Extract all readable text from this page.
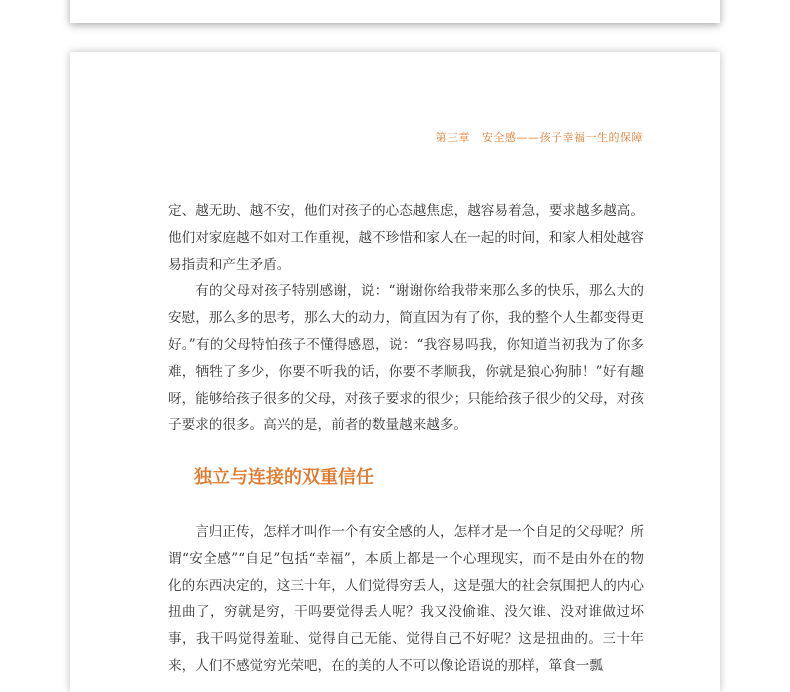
第三章 安全感——孩子幸福一生的保障

定、越无助、越不安，他们对孩子的心态越焦虑，越容易着急，要求越多越高。他们对家庭越不如对工作重视，越不珍惜和家人在一起的时间，和家人相处越容易指责和产生矛盾。

有的父母对孩子特别感谢，说：“谢谢你给我带来那么多的快乐，那么大的安慰，那么多的思考，那么大的动力，简直因为有了你，我的整个人生都变得更好。”有的父母特怕孩子不懂得感恩，说：“我容易吗我，你知道当初我为了你多难，牺牲了多少，你要不听我的话，你要不孝顺我，你就是狼心狗肺！”好有趣呀，能够给孩子很多的父母，对孩子要求的很少；只能给孩子很少的父母，对孩子要求的很多。高兴的是，前者的数量越来越多。

独立与连接的双重信任

言归正传，怎样才叫作一个有安全感的人，怎样才是一个自足的父母呢？所谓“安全感”“自足”包括“幸福”，本质上都是一个心理现实，而不是由外在的物化的东西决定的，这三十年，人们觉得穷丢人，这是强大的社会氛围把人的内心扭曲了，穷就是穷，干吗要觉得丢人呢？我又没偷谁、没欠谁、没对谁做过坏事，我干吗觉得羞耻、觉得自己无能、觉得自己不好呢？这是扭曲的。三十年来，人们不感觉穷光荣吧，在的美的人不可以像论语说的那样，箪食一瓢
